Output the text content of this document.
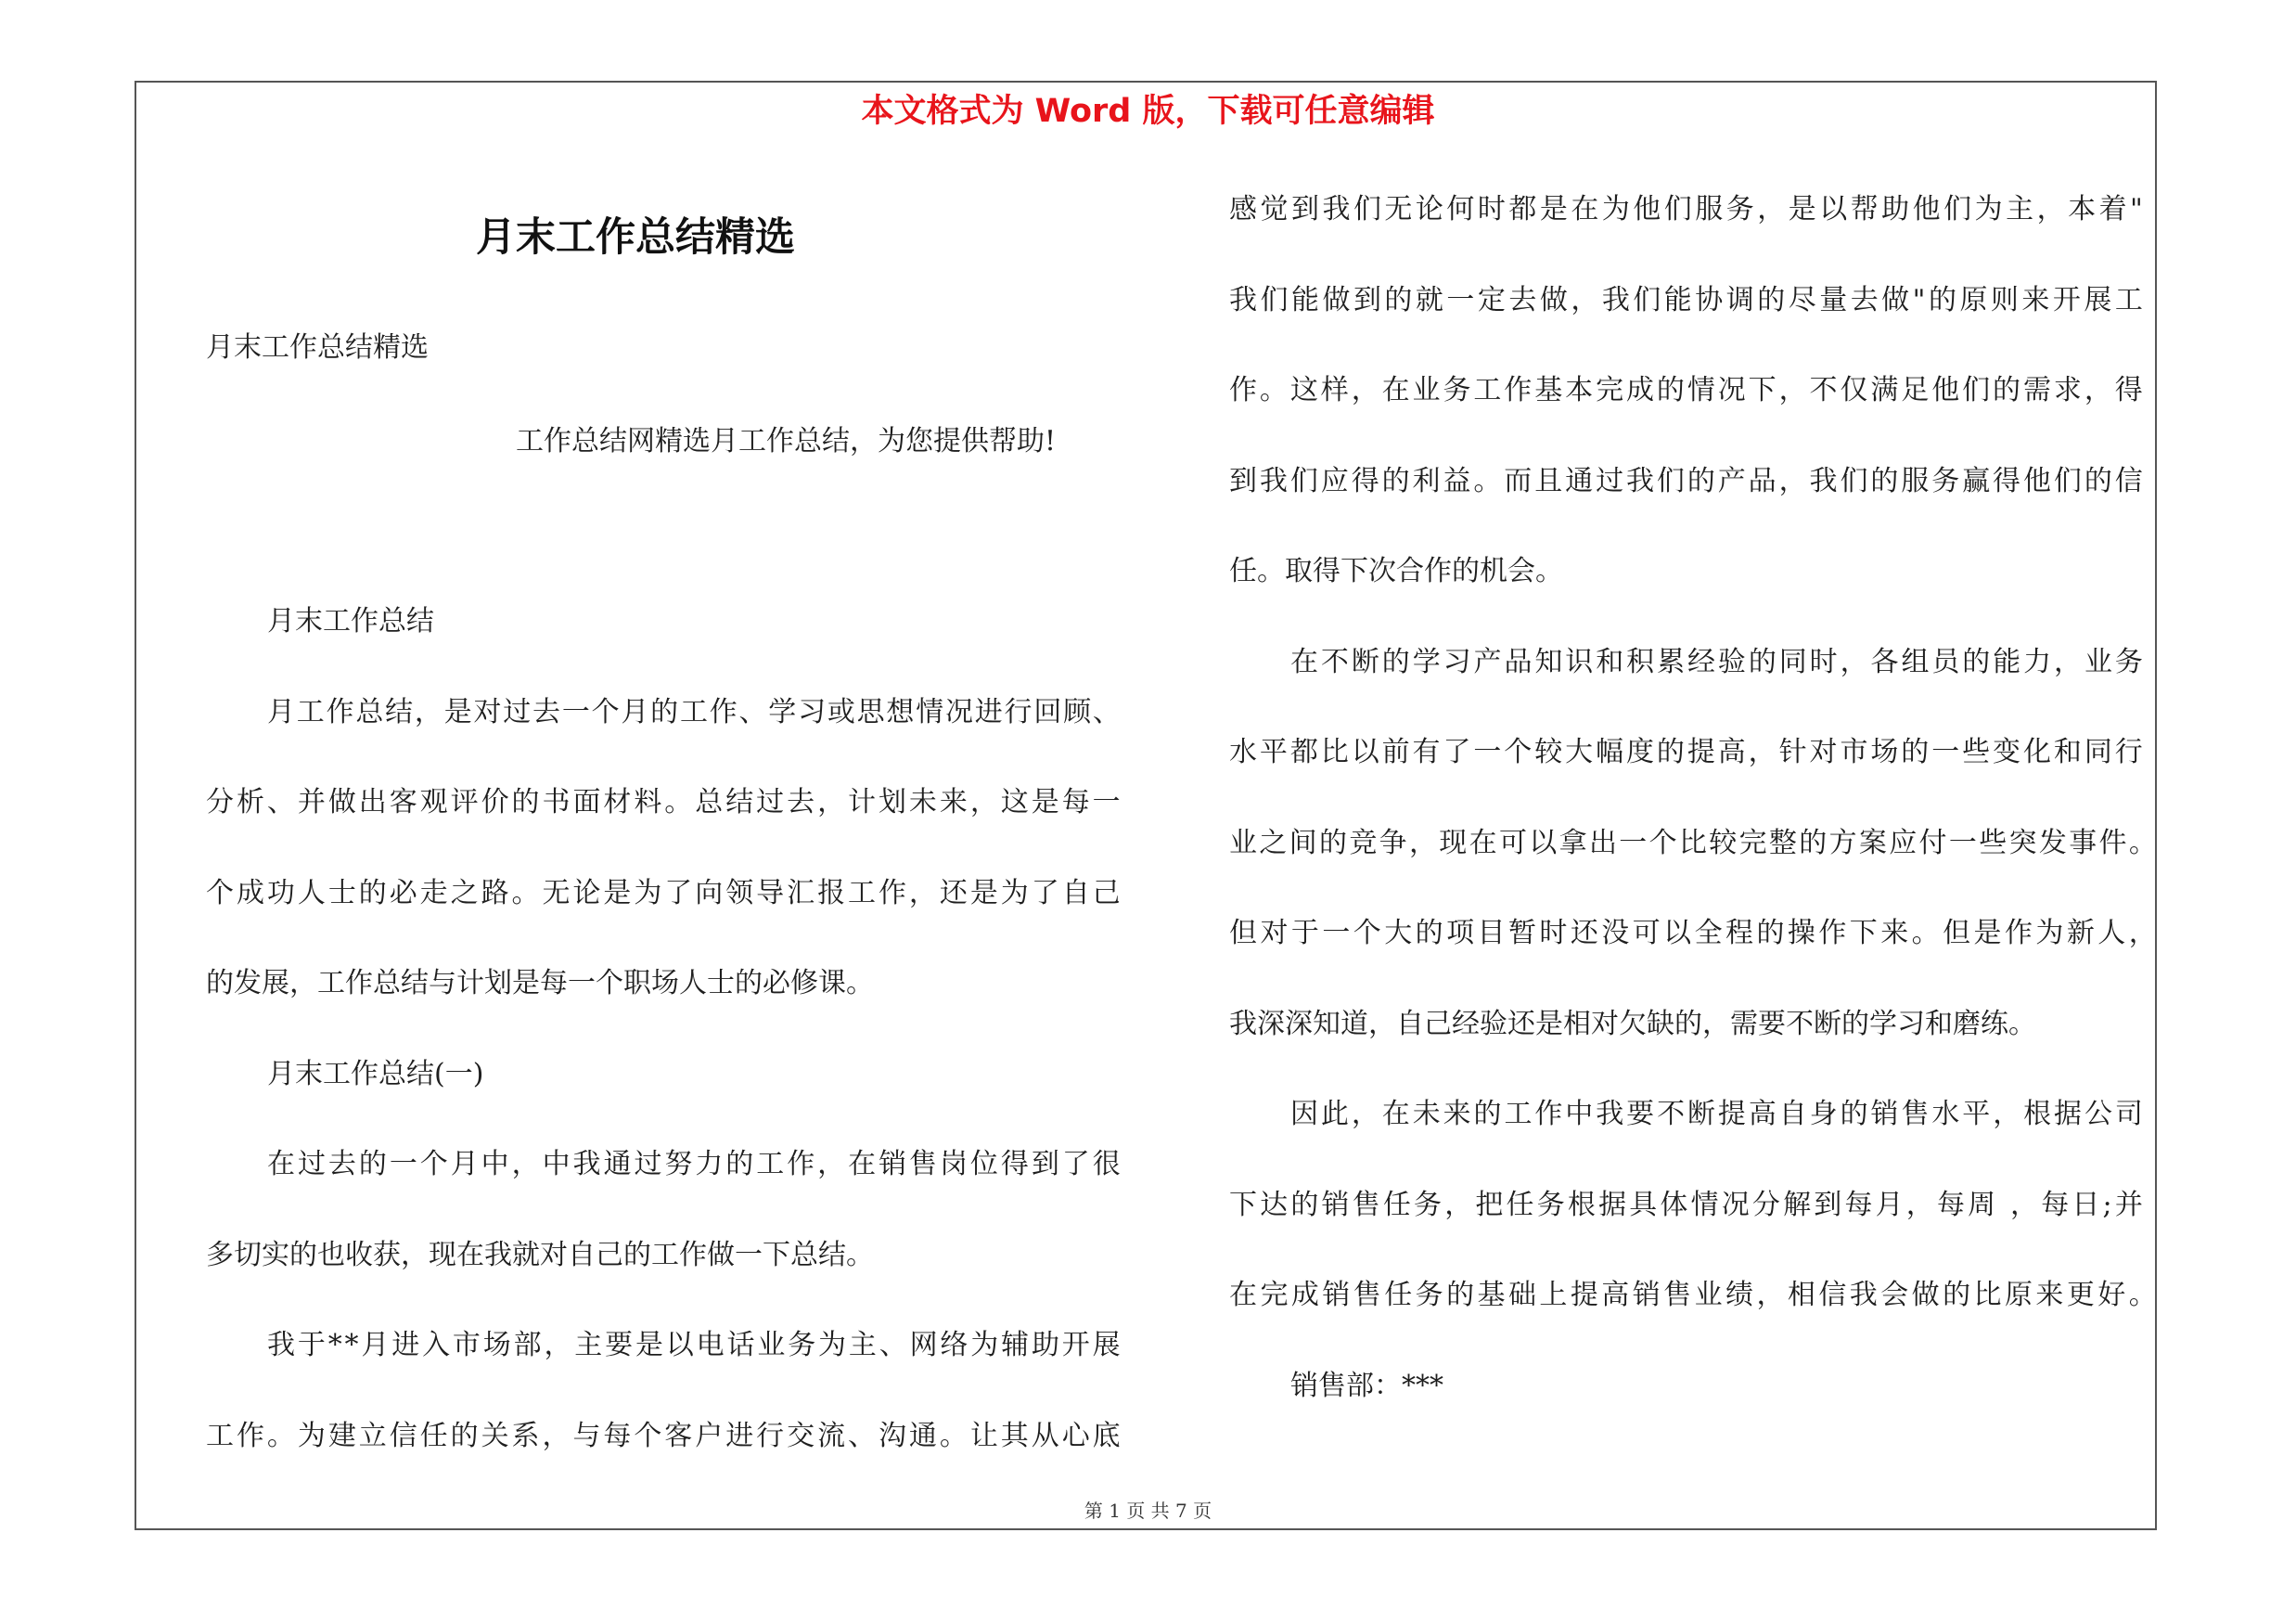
本文格式为 Word 版，下载可任意编辑
月末工作总结精选
月末工作总结精选
工作总结网精选月工作总结，为您提供帮助!
月末工作总结
月 工 作 总 结 ， 是 对 过 去 一 个 月 的 工 作 、 学 习 或 思 想 情 况 进 行 回 顾 、
分 析 、 并 做 出 客 观 评 价 的 书 面 材 料 。 总 结 过 去 ， 计 划 未 来 ， 这 是 每 一
个 成 功 人 士 的 必 走 之 路 。 无 论 是 为 了 向 领 导 汇 报 工 作 ， 还 是 为 了 自 己
的发展，工作总结与计划是每一个职场人士的必修课。
月末工作总结(一)
在 过 去 的 一 个 月 中 ， 中 我 通 过 努 力 的 工 作 ， 在 销 售 岗 位 得 到 了 很
多切实的也收获，现在我就对自己的工作做一下总结。
我 于 * * 月 进 入 市 场 部 ， 主 要 是 以 电 话 业 务 为 主 、 网 络 为 辅 助 开 展
工 作 。 为 建 立 信 任 的 关 系 ， 与 每 个 客 户 进 行 交 流 、 沟 通 。 让 其 从 心 底
感 觉 到 我 们 无 论 何 时 都 是 在 为 他 们 服 务 ， 是 以 帮 助 他 们 为 主 ， 本 着 "
我 们 能 做 到 的 就 一 定 去 做 ， 我 们 能 协 调 的 尽 量 去 做 " 的 原 则 来 开 展 工
作 。 这 样 ， 在 业 务 工 作 基 本 完 成 的 情 况 下 ， 不 仅 满 足 他 们 的 需 求 ， 得
到 我 们 应 得 的 利 益 。 而 且 通 过 我 们 的 产 品 ， 我 们 的 服 务 赢 得 他 们 的 信
任。取得下次合作的机会。
在 不 断 的 学 习 产 品 知 识 和 积 累 经 验 的 同 时 ， 各 组 员 的 能 力 ， 业 务
水 平 都 比 以 前 有 了 一 个 较 大 幅 度 的 提 高 ， 针 对 市 场 的 一 些 变 化 和 同 行
业 之 间 的 竞 争 ， 现 在 可 以 拿 出 一 个 比 较 完 整 的 方 案 应 付 一 些 突 发 事 件 。
但 对 于 一 个 大 的 项 目 暂 时 还 没 可 以 全 程 的 操 作 下 来 。 但 是 作 为 新 人 ，
我深深知道，自己经验还是相对欠缺的，需要不断的学习和磨练。
因 此 ， 在 未 来 的 工 作 中 我 要 不 断 提 高 自 身 的 销 售 水 平 ， 根 据 公 司
下 达 的 销 售 任 务 ， 把 任 务 根 据 具 体 情 况 分 解 到 每 月 ， 每 周
， 每 日 ; 并
在 完 成 销 售 任 务 的 基 础 上 提 高 销 售 业 绩 ， 相 信 我 会 做 的 比 原 来 更 好 。
销售部：***
第 1 页 共 7 页
